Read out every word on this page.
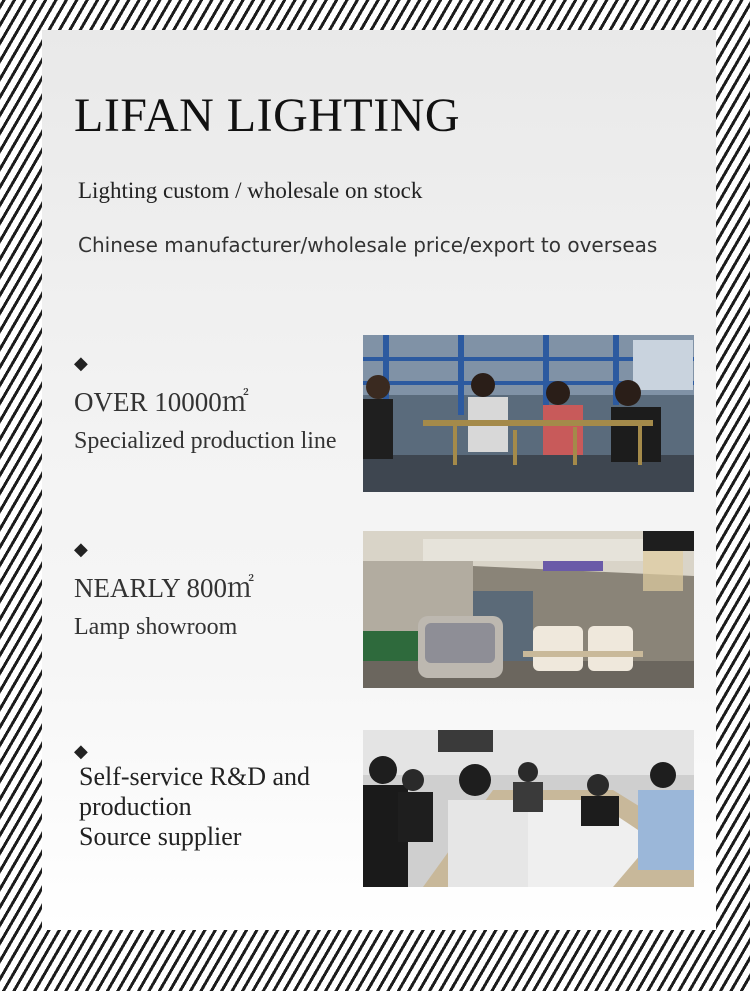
LIFAN LIGHTING
Lighting custom / wholesale on stock
Chinese manufacturer/wholesale price/export to overseas
◆
OVER 10000㎡
Specialized production line
◆
NEARLY 800㎡
Lamp showroom
◆
Self-service R&D and
production
Source supplier
